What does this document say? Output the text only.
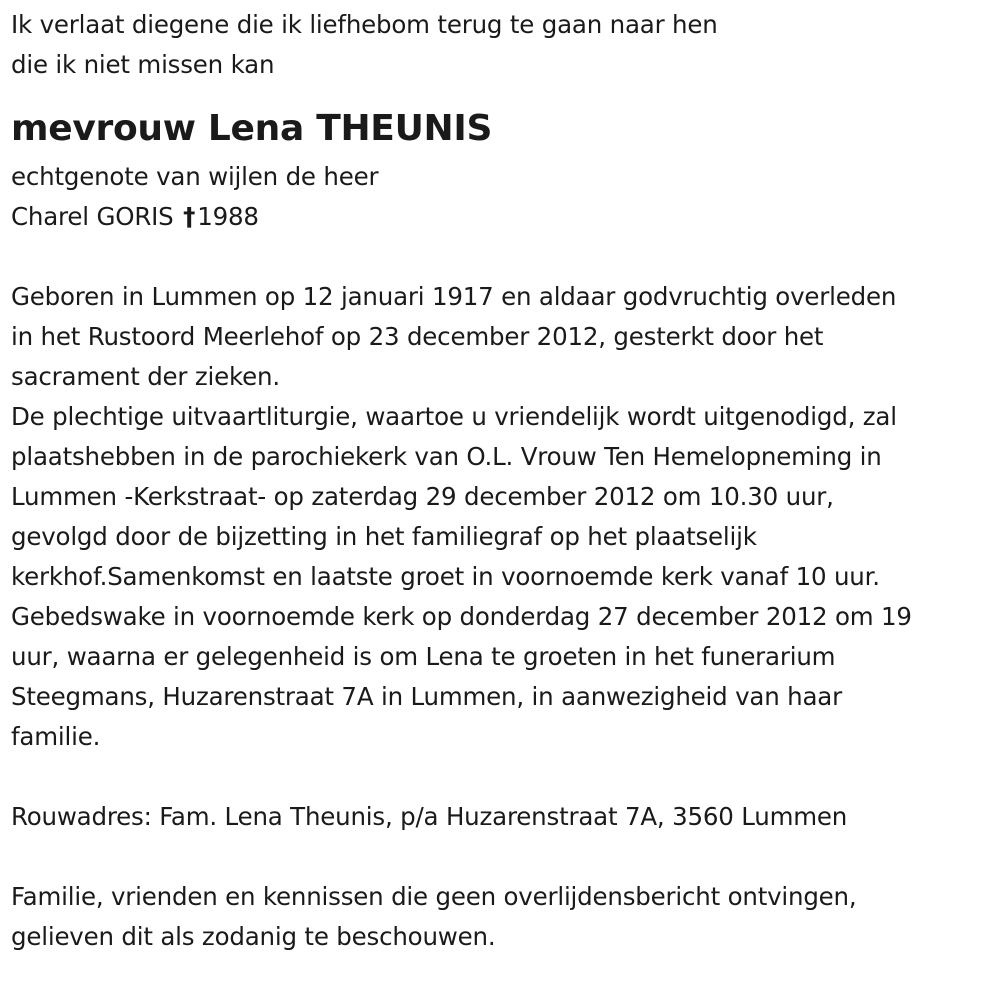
Ik verlaat diegene die ik liefhebom terug te gaan naar hen
die ik niet missen kan
mevrouw Lena THEUNIS
echtgenote van wijlen de heer
Charel GORIS †1988
Geboren in Lummen op 12 januari 1917 en aldaar godvruchtig overleden
in het Rustoord Meerlehof op 23 december 2012, gesterkt door het
sacrament der zieken.
De plechtige uitvaartliturgie, waartoe u vriendelijk wordt uitgenodigd, zal
plaatshebben in de parochiekerk van O.L. Vrouw Ten Hemelopneming in
Lummen -Kerkstraat- op zaterdag 29 december 2012 om 10.30 uur,
gevolgd door de bijzetting in het familiegraf op het plaatselijk
kerkhof.Samenkomst en laatste groet in voornoemde kerk vanaf 10 uur.
Gebedswake in voornoemde kerk op donderdag 27 december 2012 om 19
uur, waarna er gelegenheid is om Lena te groeten in het funerarium
Steegmans, Huzarenstraat 7A in Lummen, in aanwezigheid van haar
familie.
Rouwadres: Fam. Lena Theunis, p/a Huzarenstraat 7A, 3560 Lummen
Familie, vrienden en kennissen die geen overlijdensbericht ontvingen,
gelieven dit als zodanig te beschouwen.
